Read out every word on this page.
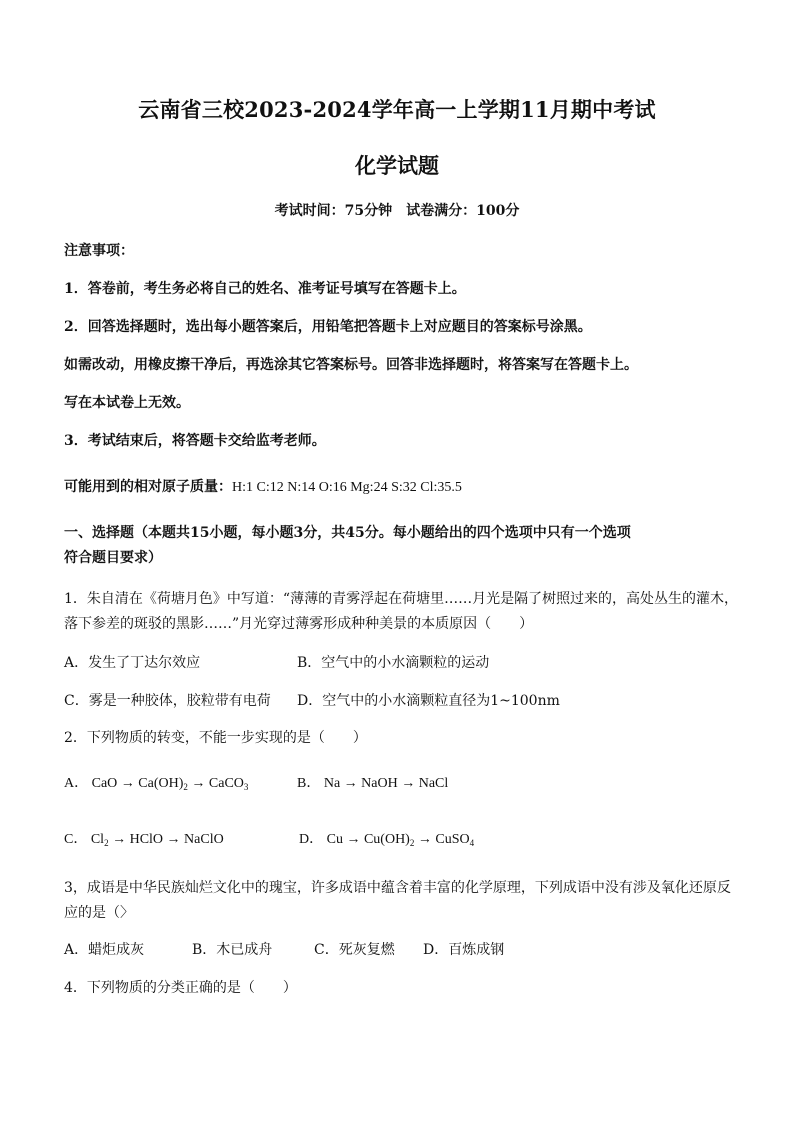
云南省三校2023-2024学年高一上学期11月期中考试
化学试题
考试时间：75分钟　试卷满分：100分
注意事项：
1．答卷前，考生务必将自己的姓名、准考证号填写在答题卡上。
2．回答选择题时，选出每小题答案后，用铅笔把答题卡上对应题目的答案标号涂黑。
如需改动，用橡皮擦干净后，再选涂其它答案标号。回答非选择题时，将答案写在答题卡上。
写在本试卷上无效。
3．考试结束后，将答题卡交给监考老师。
可能用到的相对原子质量：H:1 C:12 N:14 O:16 Mg:24 S:32 Cl:35.5
一、选择题（本题共15小题，每小题3分，共45分。每小题给出的四个选项中只有一个选项
符合题目要求）
1．朱自清在《荷塘月色》中写道：“薄薄的青雾浮起在荷塘里……月光是隔了树照过来的，高处丛生的灌木，
落下参差的斑驳的黑影……”月光穿过薄雾形成种种美景的本质原因（　　）
A．发生了丁达尔效应	B．空气中的小水滴颗粒的运动
C．雾是一种胶体，胶粒带有电荷 D．空气中的小水滴颗粒直径为1~100nm
2．下列物质的转变，不能一步实现的是（　　）
A． CaO → $Ca(OH)_2$ → CaCO$_3$	B． Na → NaOH → NaCl
C． $Cl_2$ → HClO → NaClO	D． $Cu \to Cu(OH)_2$ → CuSO$_4$
3，成语是中华民族灿烂文化中的瑰宝，许多成语中蕴含着丰富的化学原理，下列成语中没有涉及氧化还原反
应的是（〉
A．蜡炬成灰	B．木已成舟	C．死灰复燃 D．百炼成钢
4．下列物质的分类正确的是（　　）
